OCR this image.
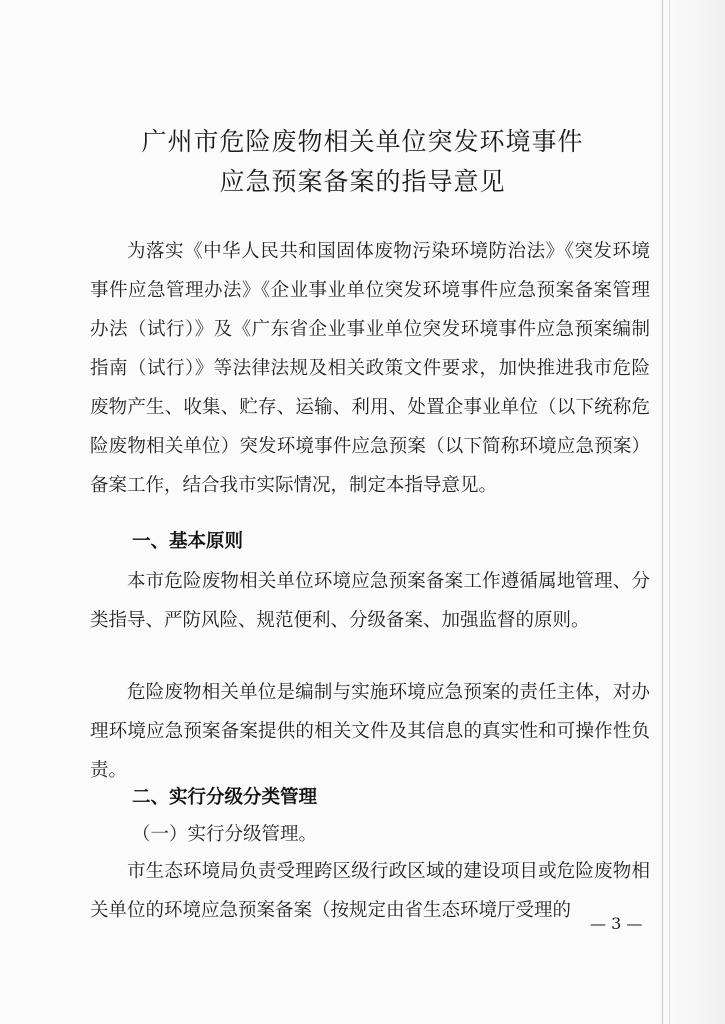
广州市危险废物相关单位突发环境事件
应急预案备案的指导意见
为落实《中华人民共和国固体废物污染环境防治法》《突发环境事件应急管理办法》《企业事业单位突发环境事件应急预案备案管理办法（试行）》及《广东省企业事业单位突发环境事件应急预案编制指南（试行）》等法律法规及相关政策文件要求，加快推进我市危险废物产生、收集、贮存、运输、利用、处置企事业单位（以下统称危险废物相关单位）突发环境事件应急预案（以下简称环境应急预案）备案工作，结合我市实际情况，制定本指导意见。
一、基本原则
本市危险废物相关单位环境应急预案备案工作遵循属地管理、分类指导、严防风险、规范便利、分级备案、加强监督的原则。
危险废物相关单位是编制与实施环境应急预案的责任主体，对办理环境应急预案备案提供的相关文件及其信息的真实性和可操作性负责。
二、实行分级分类管理
（一）实行分级管理。
市生态环境局负责受理跨区级行政区域的建设项目或危险废物相关单位的环境应急预案备案（按规定由省生态环境厅受理的
— 3 —
